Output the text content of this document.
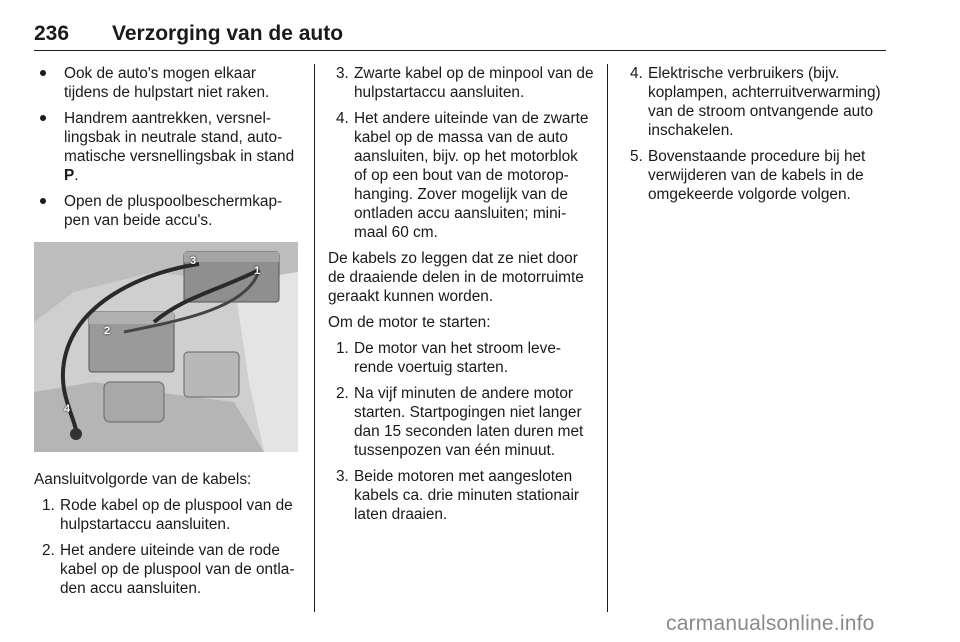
236 Verzorging van de auto
Ook de auto's mogen elkaar tijdens de hulpstart niet raken.
Handrem aantrekken, versnellingsbak in neutrale stand, automatische versnellingsbak in stand P.
Open de pluspoolbeschermkappen van beide accu's.
3
1
2
4
Aansluitvolgorde van de kabels:
1. Rode kabel op de pluspool van de hulpstartaccu aansluiten.
2. Het andere uiteinde van de rode kabel op de pluspool van de ontladen accu aansluiten.
3. Zwarte kabel op de minpool van de hulpstartaccu aansluiten.
4. Het andere uiteinde van de zwarte kabel op de massa van de auto aansluiten, bijv. op het motorblok of op een bout van de motorophanging. Zover mogelijk van de ontladen accu aansluiten; minimaal 60 cm.
De kabels zo leggen dat ze niet door de draaiende delen in de motorruimte geraakt kunnen worden.
Om de motor te starten:
1. De motor van het stroom leverende voertuig starten.
2. Na vijf minuten de andere motor starten. Startpogingen niet langer dan 15 seconden laten duren met tussenpozen van één minuut.
3. Beide motoren met aangesloten kabels ca. drie minuten stationair laten draaien.
4. Elektrische verbruikers (bijv. koplampen, achterruitverwarming) van de stroom ontvangende auto inschakelen.
5. Bovenstaande procedure bij het verwijderen van de kabels in de omgekeerde volgorde volgen.
carmanualsonline.info
